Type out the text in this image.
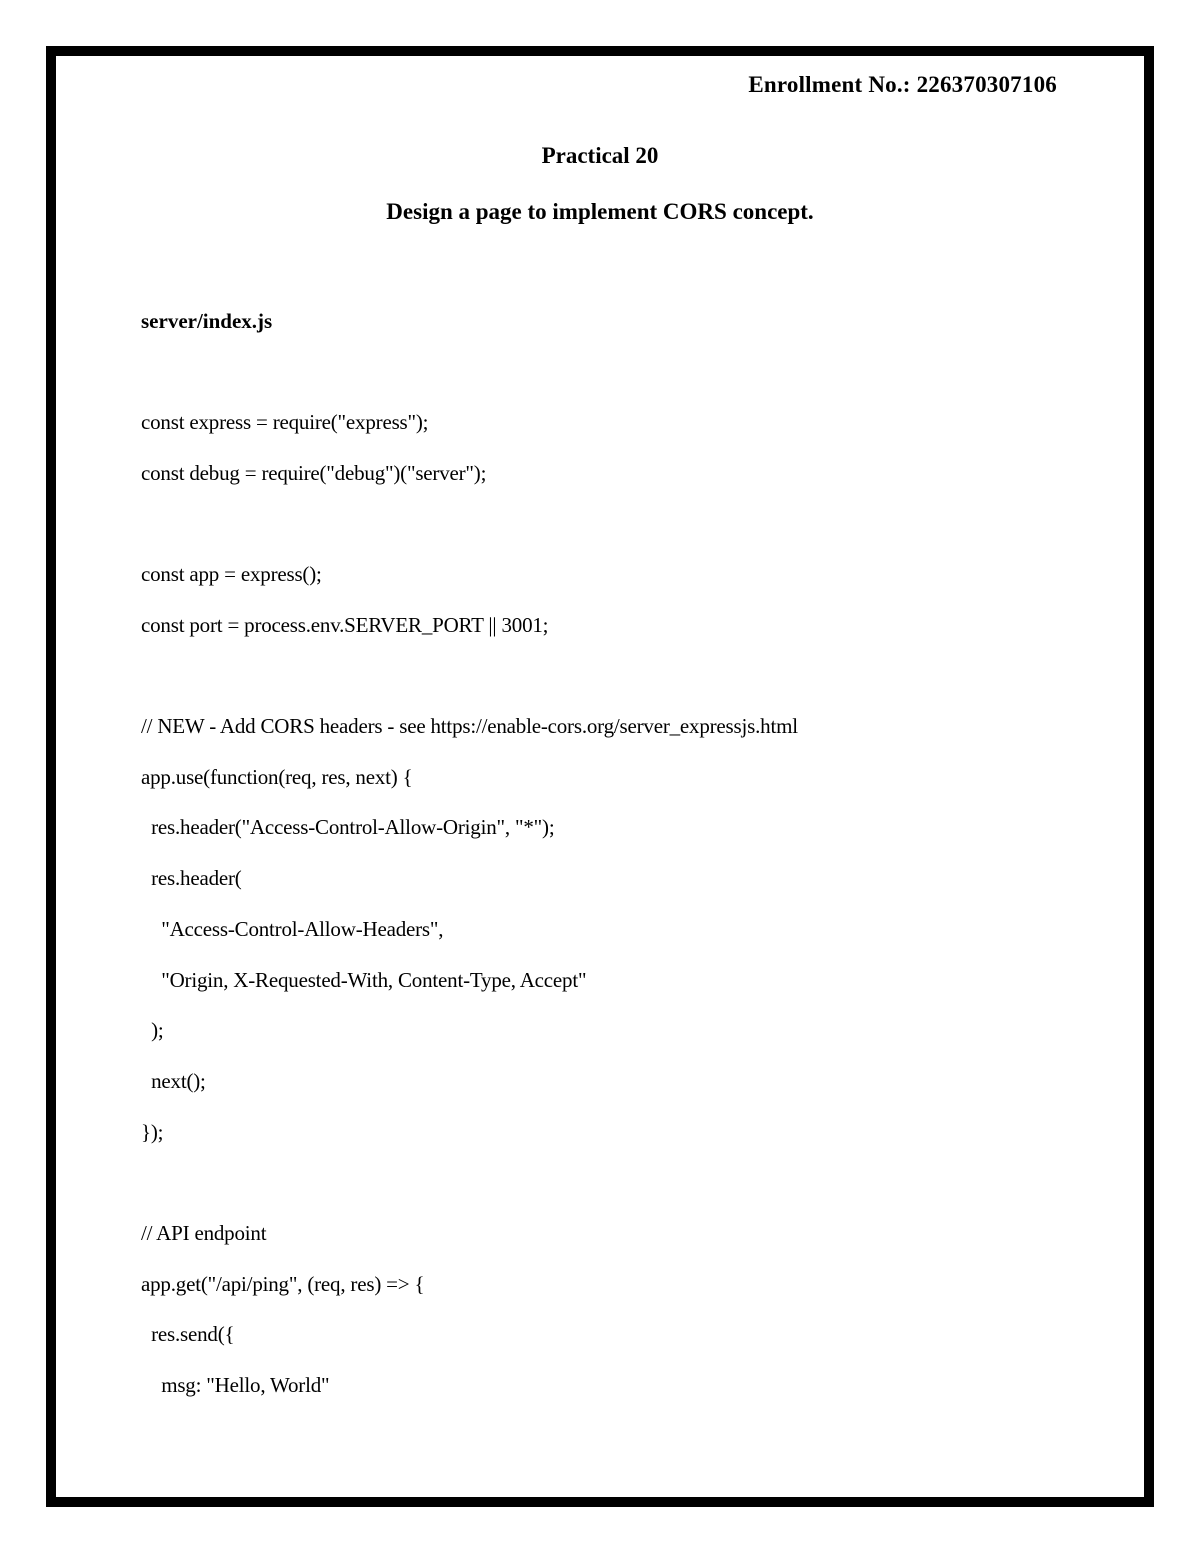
Enrollment No.: 226370307106
Practical 20
Design a page to implement CORS concept.
server/index.js
const express = require("express");
const debug = require("debug")("server");
const app = express();
const port = process.env.SERVER_PORT || 3001;
// NEW - Add CORS headers - see https://enable-cors.org/server_expressjs.html
app.use(function(req, res, next) {
res.header("Access-Control-Allow-Origin", "*");
res.header(
"Access-Control-Allow-Headers",
"Origin, X-Requested-With, Content-Type, Accept"
);
next();
});
// API endpoint
app.get("/api/ping", (req, res) => {
res.send({
msg: "Hello, World"
